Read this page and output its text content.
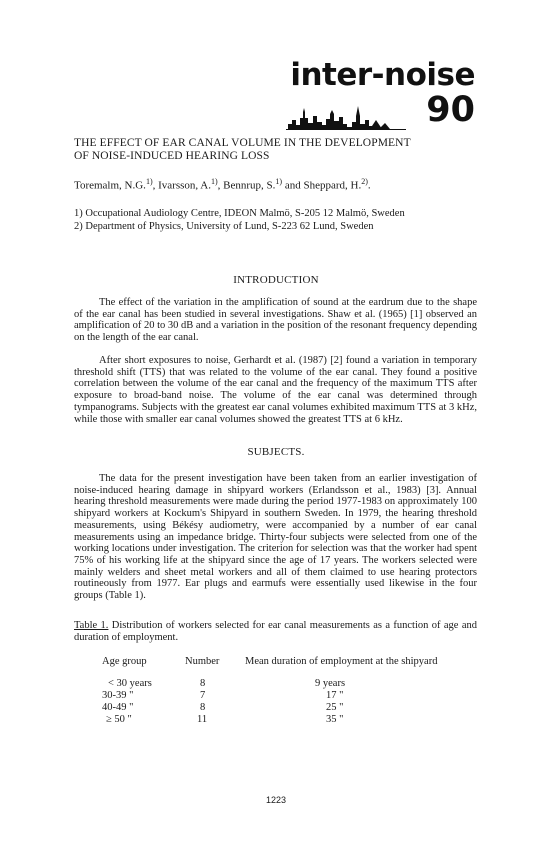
inter-noise
90
THE EFFECT OF EAR CANAL VOLUME IN THE DEVELOPMENT
OF NOISE-INDUCED HEARING LOSS
Toremalm, N.G.$^{1)}$, Ivarsson, A.$^{1)}$, Bennrup, S.$^{1)}$ and Sheppard, H.$^{2)}$.
1) Occupational Audiology Centre, IDEON Malmö, S-205 12 Malmö, Sweden
2) Department of Physics, University of Lund, S-223 62 Lund, Sweden
INTRODUCTION
The effect of the variation in the amplification of sound at the eardrum due to the shape of the ear canal has been studied in several investigations. Shaw et al. (1965) [1] observed an amplification of 20 to 30 dB and a variation in the position of the resonant frequency depending on the length of the ear canal.
After short exposures to noise, Gerhardt et al. (1987) [2] found a variation in temporary threshold shift (TTS) that was related to the volume of the ear canal. They found a positive correlation between the volume of the ear canal and the frequency of the maximum TTS after exposure to broad-band noise. The volume of the ear canal was determined through tympanograms. Subjects with the greatest ear canal volumes exhibited maximum TTS at 3 kHz, while those with smaller ear canal volumes showed the greatest TTS at 6 kHz.
SUBJECTS.
The data for the present investigation have been taken from an earlier investigation of noise-induced hearing damage in shipyard workers (Erlandsson et al., 1983) [3]. Annual hearing threshold measurements were made during the period 1977-1983 on approximately 100 shipyard workers at Kockum's Shipyard in southern Sweden. In 1979, the hearing threshold measurements, using Békésy audiometry, were accompanied by a number of ear canal measurements using an impedance bridge. Thirty-four subjects were selected from one of the working locations under investigation. The criterion for selection was that the worker had spent 75% of his working life at the shipyard since the age of 17 years. The workers selected were mainly welders and sheet metal workers and all of them claimed to use hearing protectors routineously from 1977. Ear plugs and earmufs were essentially used likewise in the four groups (Table 1).
Table 1. Distribution of workers selected for ear canal measurements as a function of age and duration of employment.
Age group	Number Mean duration of employment at the shipyard
< 30 years	8	9 years
30-39 "	7	17 "
40-49 "	8	25 "
≥ 50 "	11	35 "
1223
